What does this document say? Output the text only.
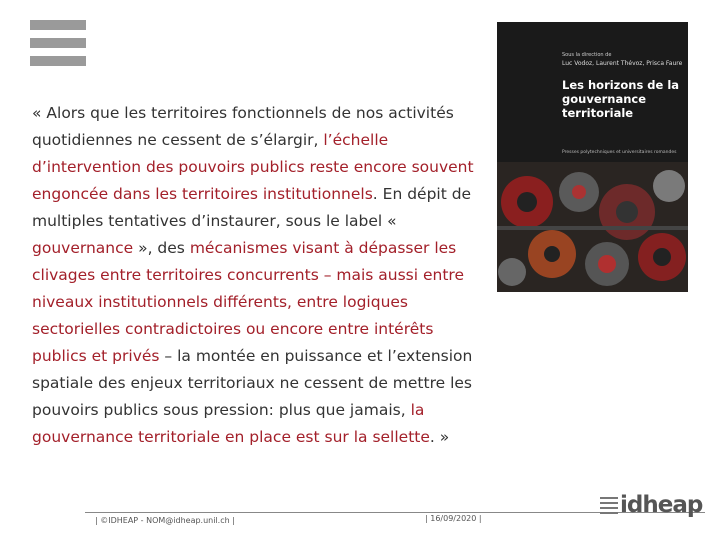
« Alors que les territoires fonctionnels de nos activités quotidiennes ne cessent de s’élargir, l’échelle d’intervention des pouvoirs publics reste encore souvent engoncée dans les territoires institutionnels. En dépit de multiples tentatives d’instaurer, sous le label « gouvernance », des mécanismes visant à dépasser les clivages entre territoires concurrents – mais aussi entre niveaux institutionnels différents, entre logiques sectorielles contradictoires ou encore entre intérêts publics et privés – la montée en puissance et l’extension spatiale des enjeux territoriaux ne cessent de mettre les pouvoirs publics sous pression: plus que jamais, la gouvernance territoriale en place est sur la sellette. »
Sous la direction de
Luc Vodoz, Laurent Thévoz, Prisca Faure
Les horizons de la gouvernance territoriale
Presses polytechniques et universitaires romandes
| ©IDHEAP - NOM@idheap.unil.ch |	| 16/09/2020 |
idheap
